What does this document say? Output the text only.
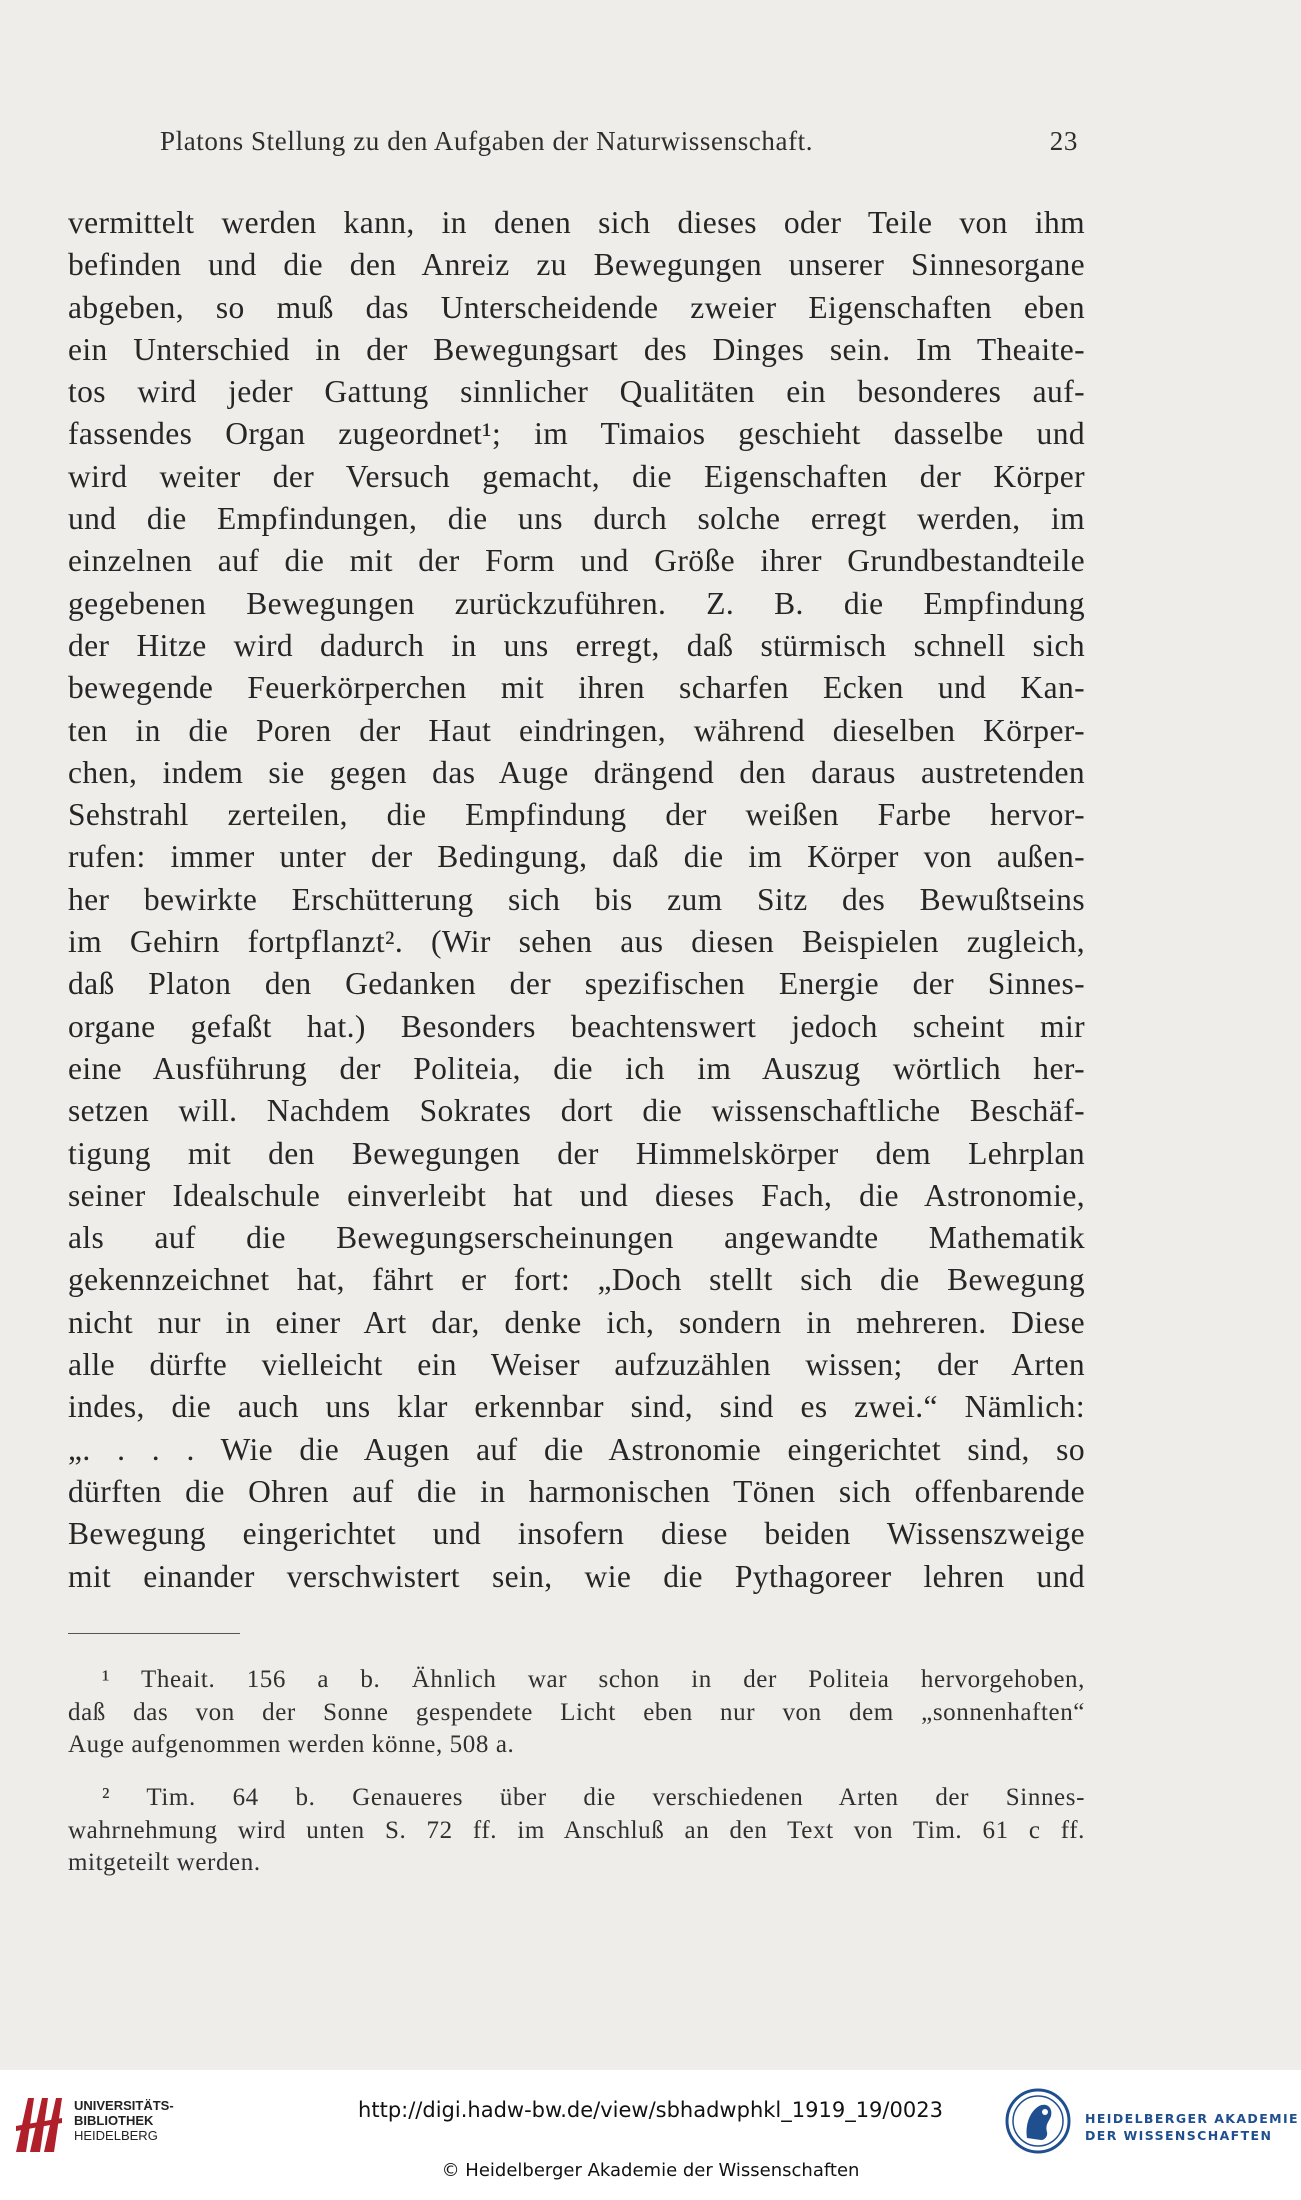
Platons Stellung zu den Aufgaben der Naturwissenschaft.	23
vermittelt werden kann, in denen sich dieses oder Teile von ihm
befinden und die den Anreiz zu Bewegungen unserer Sinnesorgane
abgeben, so muß das Unterscheidende zweier Eigenschaften eben
ein Unterschied in der Bewegungsart des Dinges sein. Im Theaite-
tos wird jeder Gattung sinnlicher Qualitäten ein besonderes auf-
fassendes Organ zugeordnet¹; im Timaios geschieht dasselbe und
wird weiter der Versuch gemacht, die Eigenschaften der Körper
und die Empfindungen, die uns durch solche erregt werden, im
einzelnen auf die mit der Form und Größe ihrer Grundbestandteile
gegebenen Bewegungen zurückzuführen. Z. B. die Empfindung
der Hitze wird dadurch in uns erregt, daß stürmisch schnell sich
bewegende Feuerkörperchen mit ihren scharfen Ecken und Kan-
ten in die Poren der Haut eindringen, während dieselben Körper-
chen, indem sie gegen das Auge drängend den daraus austretenden
Sehstrahl zerteilen, die Empfindung der weißen Farbe hervor-
rufen: immer unter der Bedingung, daß die im Körper von außen-
her bewirkte Erschütterung sich bis zum Sitz des Bewußtseins
im Gehirn fortpflanzt². (Wir sehen aus diesen Beispielen zugleich,
daß Platon den Gedanken der spezifischen Energie der Sinnes-
organe gefaßt hat.) Besonders beachtenswert jedoch scheint mir
eine Ausführung der Politeia, die ich im Auszug wörtlich her-
setzen will. Nachdem Sokrates dort die wissenschaftliche Beschäf-
tigung mit den Bewegungen der Himmelskörper dem Lehrplan
seiner Idealschule einverleibt hat und dieses Fach, die Astronomie,
als auf die Bewegungserscheinungen angewandte Mathematik
gekennzeichnet hat, fährt er fort: „Doch stellt sich die Bewegung
nicht nur in einer Art dar, denke ich, sondern in mehreren. Diese
alle dürfte vielleicht ein Weiser aufzuzählen wissen; der Arten
indes, die auch uns klar erkennbar sind, sind es zwei.“ Nämlich:
„. . . . Wie die Augen auf die Astronomie eingerichtet sind, so
dürften die Ohren auf die in harmonischen Tönen sich offenbarende
Bewegung eingerichtet und insofern diese beiden Wissenszweige
mit einander verschwistert sein, wie die Pythagoreer lehren und
¹ Theait. 156 a b. Ähnlich war schon in der Politeia hervorgehoben,
daß das von der Sonne gespendete Licht eben nur von dem „sonnenhaften“
Auge aufgenommen werden könne, 508 a.
² Tim. 64 b. Genaueres über die verschiedenen Arten der Sinnes-
wahrnehmung wird unten S. 72 ff. im Anschluß an den Text von Tim. 61 c ff.
mitgeteilt werden.
UNIVERSITÄTS-
BIBLIOTHEK
HEIDELBERG
http://digi.hadw-bw.de/view/sbhadwphkl_1919_19/0023
© Heidelberger Akademie der Wissenschaften
HEIDELBERGER AKADEMIE
DER WISSENSCHAFTEN
